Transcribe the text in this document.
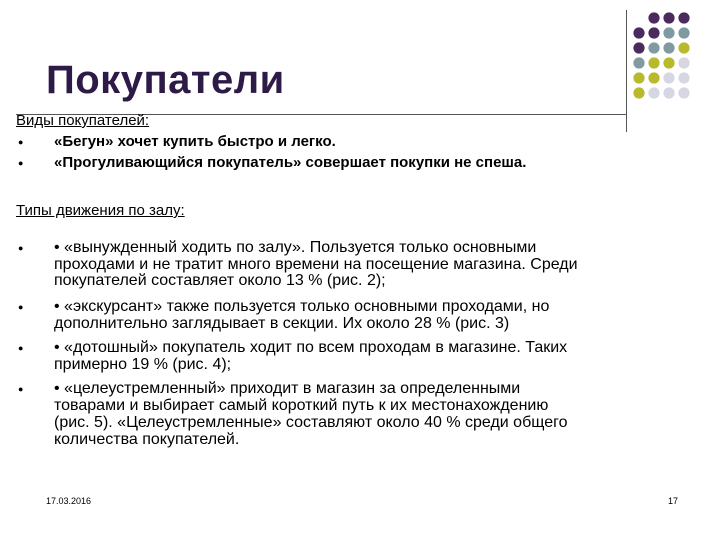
Покупатели
Виды покупателей:
●	«Бегун» хочет купить быстро и легко.
●	«Прогуливающийся покупатель» совершает покупки не спеша.
Типы движения по залу:
● • «вынужденный ходить по залу». Пользуется только основными
проходами и не тратит много времени на посещение магазина. Среди
покупателей составляет около 13 % (рис. 2);
● • «экскурсант» также пользуется только основными проходами, но
дополнительно заглядывает в секции. Их около 28 % (рис. 3)
● • «дотошный» покупатель ходит по всем проходам в магазине. Таких
примерно 19 % (рис. 4);
● • «целеустремленный» приходит в магазин за определенными
товарами и выбирает самый короткий путь к их местонахождению
(рис. 5). «Целеустремленные» составляют около 40 % среди общего
количества покупателей.
17.03.2016	17
